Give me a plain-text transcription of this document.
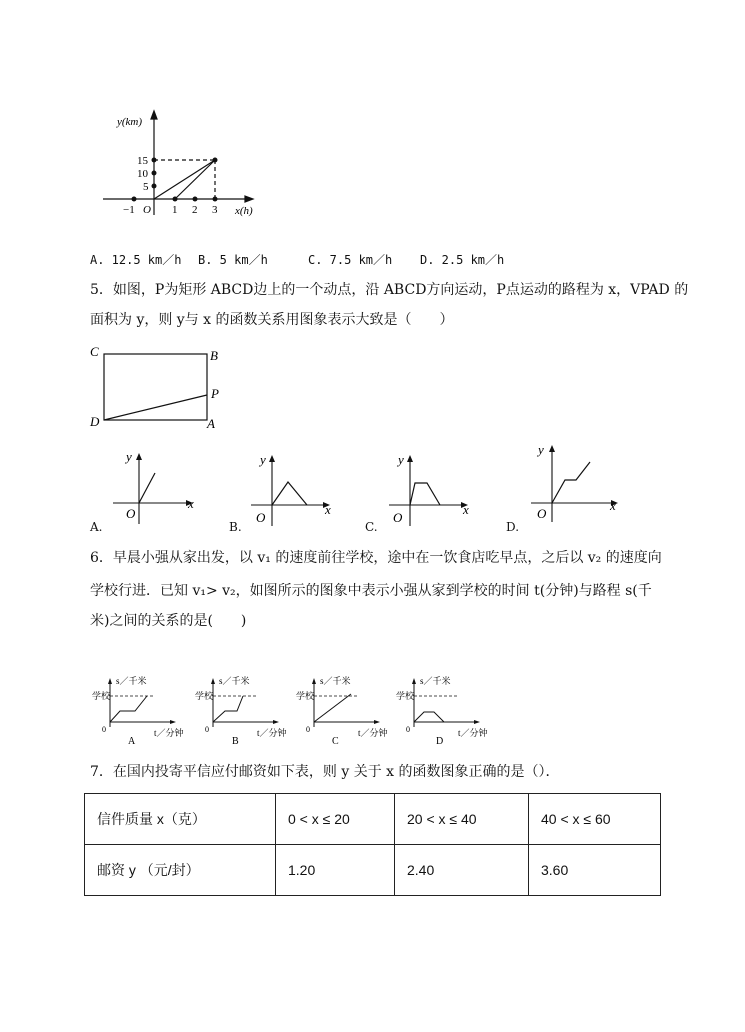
y(km)
x(h)
15
10
5
−1 O 1 2 3
A. 12.5 km／h B. 5 km／h	C. 7.5 km／h D. 2.5 km／h
5．如图，P为矩形 ABCD边上的一个动点，沿 ABCD方向运动，P点运动的路程为 x，VPAD 的
面积为 y，则 y与 x 的函数关系用图象表示大致是（　　）
C	B
D	A
P
y
x
O
y
x
O
y
x
O
y
x
O
A.	B.	C.	D.
6．早晨小强从家出发，以 v₁ 的速度前往学校，途中在一饮食店吃早点，之后以 v₂ 的速度向
学校行进．已知 v₁> v₂，如图所示的图象中表示小强从家到学校的时间 t(分钟)与路程 s(千
米)之间的关系的是(　　)
s／千米
学校
0	t／分钟
A
s／千米
学校
0	t／分钟
B
s／千米
学校
0	t／分钟
C
s／千米
学校
0	t／分钟
D
7．在国内投寄平信应付邮资如下表，则 y 关于 x 的函数图象正确的是（）．
信件质量 x（克）	0 < x ≤ 20	20 < x ≤ 40	40 < x ≤ 60
邮资 y （元/封）	1.20	2.40	3.60
